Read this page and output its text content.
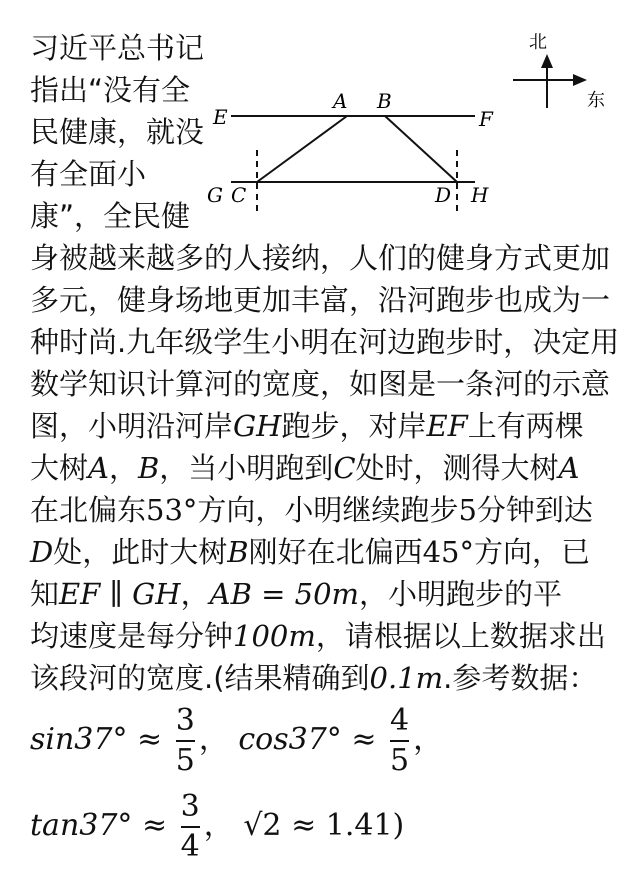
习近平总书记
指出“没有全
民健康，就没
有全面小
康”，全民健
身被越来越多的人接纳，人们的健身方式更加
多元，健身场地更加丰富，沿河跑步也成为一
种时尚.九年级学生小明在河边跑步时，决定用
数学知识计算河的宽度，如图是一条河的示意
图，小明沿河岸GH跑步，对岸EF上有两棵
大树A，B，当小明跑到C处时，测得大树A
在北偏东53°方向，小明继续跑步5分钟到达
D处，此时大树B刚好在北偏西45°方向，已
知EF ∥ GH，AB = 50m，小明跑步的平
均速度是每分钟100m，请根据以上数据求出
该段河的宽度.(结果精确到0.1m.参考数据：
$\sin 37^\circ \approx \frac{3}{5}$ ， $\cos 37^\circ \approx \frac{4}{5}$ ，
$\tan 37^\circ \approx \frac{3}{4}$ ， √2 ≈ 1.41)
北
东
E
A B
F
G C	D H
